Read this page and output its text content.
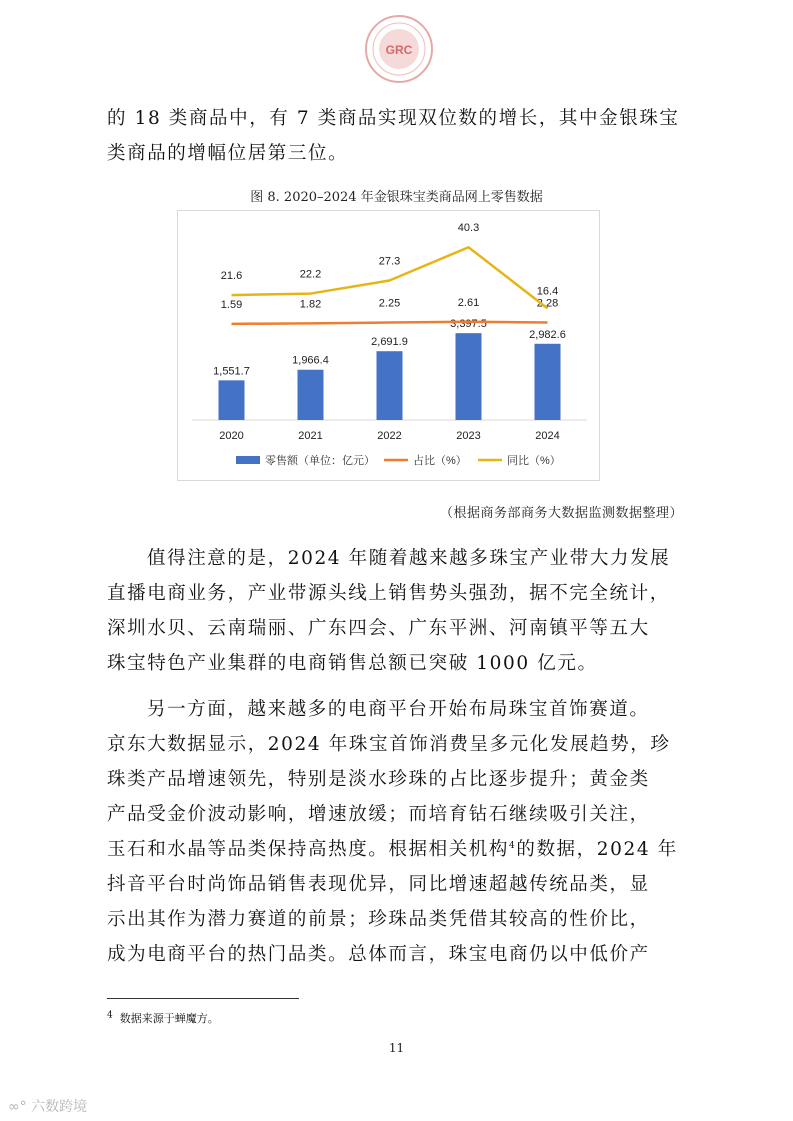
GRC

的 18 类商品中，有 7 类商品实现双位数的增长，其中金银珠宝
类商品的增幅位居第三位。

图 8. 2020–2024 年金银珠宝类商品网上零售数据
1,551.7
1,966.4
2,691.9
3,397.5
2,982.6
1.59	1.82	2.25	2.61	2.28
21.6	22.2
27.3
40.3
16.4
2020	2021	2022	2023	2024
零售额（单位：亿元）	占比（%）	同比（%）
（根据商务部商务大数据监测数据整理）

值得注意的是，2024 年随着越来越多珠宝产业带大力发展
直播电商业务，产业带源头线上销售势头强劲，据不完全统计，
深圳水贝、云南瑞丽、广东四会、广东平洲、河南镇平等五大
珠宝特色产业集群的电商销售总额已突破 1000 亿元。

另一方面，越来越多的电商平台开始布局珠宝首饰赛道。
京东大数据显示，2024 年珠宝首饰消费呈多元化发展趋势，珍
珠类产品增速领先，特别是淡水珍珠的占比逐步提升；黄金类
产品受金价波动影响，增速放缓；而培育钻石继续吸引关注，
玉石和水晶等品类保持高热度。根据相关机构$^4$的数据，2024 年
抖音平台时尚饰品销售表现优异，同比增速超越传统品类，显
示出其作为潜力赛道的前景；珍珠品类凭借其较高的性价比，
成为电商平台的热门品类。总体而言，珠宝电商仍以中低价产

$^4$ 数据来源于蝉魔方。
11
∞° 六数跨境
